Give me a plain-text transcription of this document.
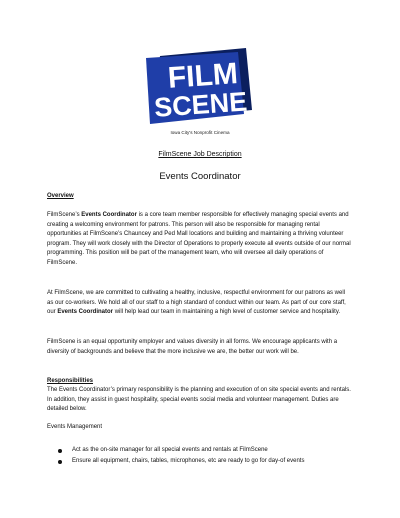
FILM
SCENE
Iowa City's Nonprofit Cinema
FilmScene Job Description
Events Coordinator
Overview
FilmScene’s Events Coordinator is a core team member responsible for effectively managing special events and creating a welcoming environment for patrons. This person will also be responsible for managing rental opportunities at FilmScene’s Chauncey and Ped Mall locations and building and maintaining a thriving volunteer program. They will work closely with the Director of Operations to properly execute all events outside of our normal programming. This position will be part of the management team, who will oversee all daily operations of FilmScene.
At FilmScene, we are committed to cultivating a healthy, inclusive, respectful environment for our patrons as well as our co-workers. We hold all of our staff to a high standard of conduct within our team. As part of our core staff, our Events Coordinator will help lead our team in maintaining a high level of customer service and hospitality.
FilmScene is an equal opportunity employer and values diversity in all forms. We encourage applicants with a diversity of backgrounds and believe that the more inclusive we are, the better our work will be.
Responsibilities
The Events Coordinator’s primary responsibility is the planning and execution of on site special events and rentals. In addition, they assist in guest hospitality, special events social media and volunteer management. Duties are detailed below.
Events Management
Act as the on-site manager for all special events and rentals at FilmScene
Ensure all equipment, chairs, tables, microphones, etc are ready to go for day-of events
